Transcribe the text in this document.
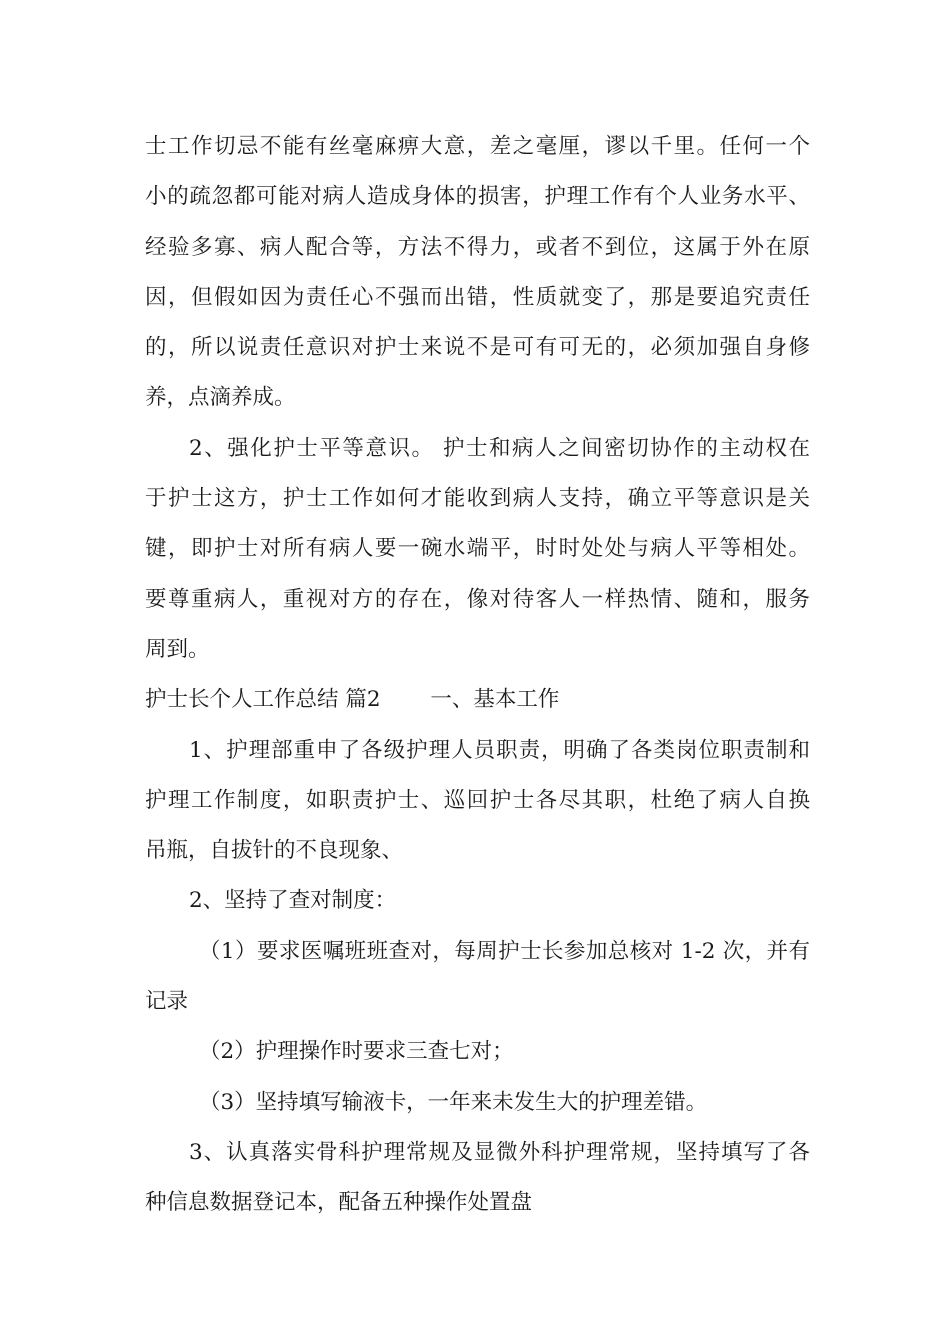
士工作切忌不能有丝毫麻痹大意，差之毫厘，谬以千里。任何一个
小的疏忽都可能对病人造成身体的损害，护理工作有个人业务水平、
经验多寡、病人配合等，方法不得力，或者不到位，这属于外在原
因，但假如因为责任心不强而出错，性质就变了，那是要追究责任
的，所以说责任意识对护士来说不是可有可无的，必须加强自身修
养，点滴养成。
2、强化护士平等意识。 护士和病人之间密切协作的主动权在
于护士这方，护士工作如何才能收到病人支持，确立平等意识是关
键，即护士对所有病人要一碗水端平，时时处处与病人平等相处。
要尊重病人，重视对方的存在，像对待客人一样热情、随和，服务
周到。
护士长个人工作总结 篇2　　 一、基本工作
1、护理部重申了各级护理人员职责，明确了各类岗位职责制和
护理工作制度，如职责护士、巡回护士各尽其职，杜绝了病人自换
吊瓶，自拔针的不良现象、
2、坚持了查对制度：
（1）要求医嘱班班查对，每周护士长参加总核对 1-2 次，并有
记录
（2）护理操作时要求三查七对；
（3）坚持填写输液卡，一年来未发生大的护理差错。
3、认真落实骨科护理常规及显微外科护理常规，坚持填写了各
种信息数据登记本，配备五种操作处置盘
